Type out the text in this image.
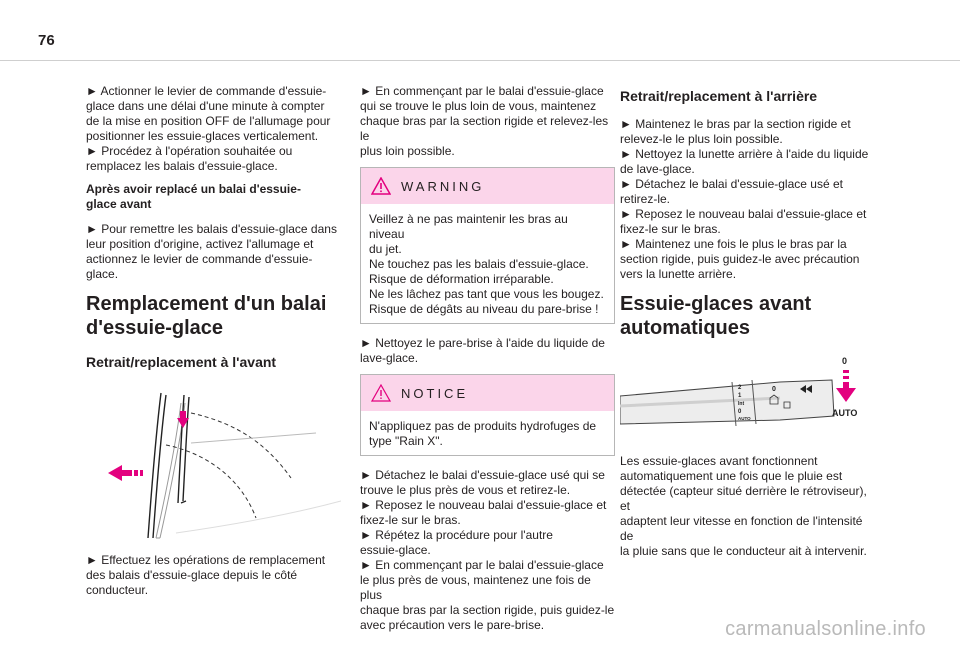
76

► Actionner le levier de commande d'essuie-
glace dans une délai d'une minute à compter
de la mise en position OFF de l'allumage pour
positionner les essuie-glaces verticalement.
► Procédez à l'opération souhaitée ou
remplacez les balais d'essuie-glace.

Après avoir replacé un balai d'essuie-
glace avant

► Pour remettre les balais d'essuie-glace dans
leur position d'origine, activez l'allumage et
actionnez le levier de commande d'essuie-glace.

Remplacement d'un balai
d'essuie-glace
Retrait/replacement à l'avant

► Effectuez les opérations de remplacement
des balais d'essuie-glace depuis le côté
conducteur.

► En commençant par le balai d'essuie-glace
qui se trouve le plus loin de vous, maintenez
chaque bras par la section rigide et relevez-les le
plus loin possible.

WARNING
Veillez à ne pas maintenir les bras au niveau
du jet.
Ne touchez pas les balais d'essuie-glace.
Risque de déformation irréparable.
Ne les lâchez pas tant que vous les bougez.
Risque de dégâts au niveau du pare-brise !

► Nettoyez le pare-brise à l'aide du liquide de
lave-glace.

NOTICE
N'appliquez pas de produits hydrofuges de
type "Rain X".

► Détachez le balai d'essuie-glace usé qui se
trouve le plus près de vous et retirez-le.
► Reposez le nouveau balai d'essuie-glace et
fixez-le sur le bras.
► Répétez la procédure pour l'autre
essuie-glace.
► En commençant par le balai d'essuie-glace
le plus près de vous, maintenez une fois de plus
chaque bras par la section rigide, puis guidez-le
avec précaution vers le pare-brise.

Retrait/replacement à l'arrière

► Maintenez le bras par la section rigide et
relevez-le le plus loin possible.
► Nettoyez la lunette arrière à l'aide du liquide
de lave-glace.
► Détachez le balai d'essuie-glace usé et
retirez-le.
► Reposez le nouveau balai d'essuie-glace et
fixez-le sur le bras.
► Maintenez une fois le plus le bras par la
section rigide, puis guidez-le avec précaution
vers la lunette arrière.

Essuie-glaces avant
automatiques
2
1
Int
0
AUTO
0
0
AUTO

Les essuie-glaces avant fonctionnent
automatiquement une fois que le pluie est
détectée (capteur situé derrière le rétroviseur), et
adaptent leur vitesse en fonction de l'intensité de
la pluie sans que le conducteur ait à intervenir.

carmanualsonline.info
